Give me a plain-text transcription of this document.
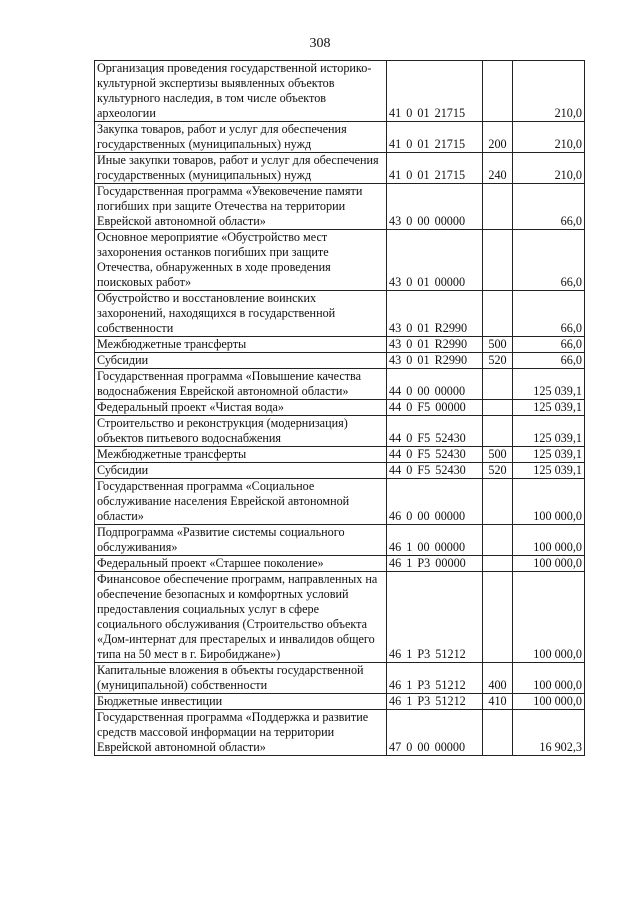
308
Организация проведения государственной историко-культурной экспертизы выявленных объектов культурного наследия, в том числе объектов археологии	41 0 01 21715		210,0

Закупка товаров, работ и услуг для обеспечения государственных (муниципальных) нужд	41 0 01 21715	200	210,0

Иные закупки товаров, работ и услуг для обеспечения государственных (муниципальных) нужд	41 0 01 21715	240	210,0

Государственная программа «Увековечение памяти погибших при защите Отечества на территории Еврейской автономной области»	43 0 00 00000		66,0

Основное мероприятие «Обустройство мест захоронения останков погибших при защите Отечества, обнаруженных в ходе проведения поисковых работ»	43 0 01 00000		66,0

Обустройство и восстановление воинских захоронений, находящихся в государственной собственности	43 0 01 R2990		66,0

Межбюджетные трансферты	43 0 01 R2990	500	66,0

Субсидии	43 0 01 R2990	520	66,0

Государственная программа «Повышение качества водоснабжения Еврейской автономной области»	44 0 00 00000		125 039,1

Федеральный проект «Чистая вода»	44 0 F5 00000		125 039,1

Строительство и реконструкция (модернизация) объектов питьевого водоснабжения	44 0 F5 52430		125 039,1

Межбюджетные трансферты	44 0 F5 52430	500	125 039,1

Субсидии	44 0 F5 52430	520	125 039,1

Государственная программа «Социальное обслуживание населения Еврейской автономной области»	46 0 00 00000		100 000,0

Подпрограмма «Развитие системы социального обслуживания»	46 1 00 00000		100 000,0

Федеральный проект «Старшее поколение»	46 1 P3 00000		100 000,0

Финансовое обеспечение программ, направленных на обеспечение безопасных и комфортных условий предоставления социальных услуг в сфере социального обслуживания (Строительство объекта «Дом-интернат для престарелых и инвалидов общего типа на 50 мест в г. Биробиджане»)	46 1 P3 51212		100 000,0

Капитальные вложения в объекты государственной (муниципальной) собственности	46 1 P3 51212	400	100 000,0

Бюджетные инвестиции	46 1 P3 51212	410	100 000,0

Государственная программа «Поддержка и развитие средств массовой информации на территории Еврейской автономной области»	47 0 00 00000		16 902,3
